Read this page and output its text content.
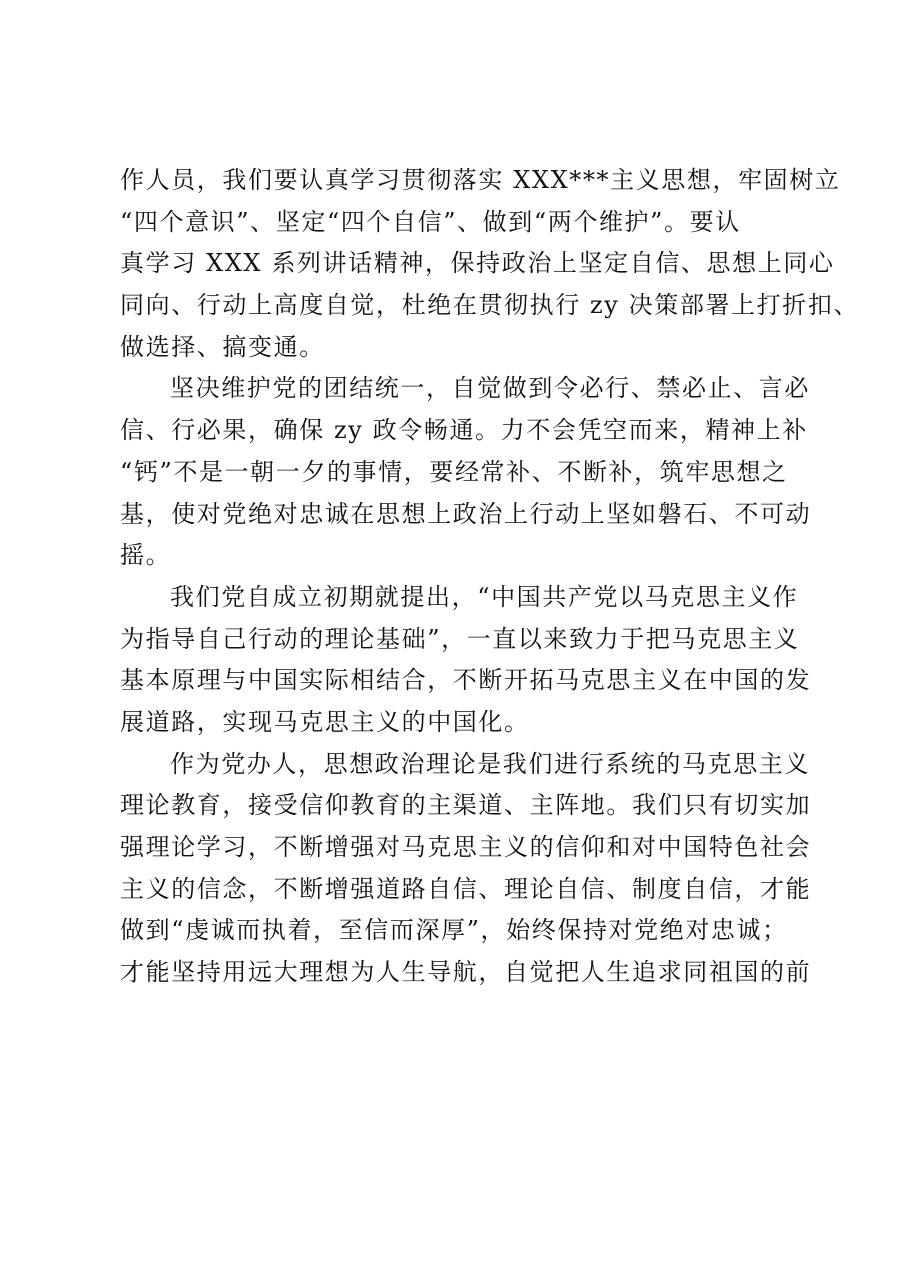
作人员，我们要认真学习贯彻落实 XXX***主义思想，牢固树立
“四个意识”、坚定“四个自信”、做到“两个维护”。要认
真学习 XXX 系列讲话精神，保持政治上坚定自信、思想上同心
同向、行动上高度自觉，杜绝在贯彻执行 zy 决策部署上打折扣、
做选择、搞变通。
坚决维护党的团结统一，自觉做到令必行、禁必止、言必
信、行必果，确保 zy 政令畅通。力不会凭空而来，精神上补
“钙”不是一朝一夕的事情，要经常补、不断补，筑牢思想之
基，使对党绝对忠诚在思想上政治上行动上坚如磐石、不可动
摇。
我们党自成立初期就提出，“中国共产党以马克思主义作
为指导自己行动的理论基础”，一直以来致力于把马克思主义
基本原理与中国实际相结合，不断开拓马克思主义在中国的发
展道路，实现马克思主义的中国化。
作为党办人，思想政治理论是我们进行系统的马克思主义
理论教育，接受信仰教育的主渠道、主阵地。我们只有切实加
强理论学习，不断增强对马克思主义的信仰和对中国特色社会
主义的信念，不断增强道路自信、理论自信、制度自信，才能
做到“虔诚而执着，至信而深厚”，始终保持对党绝对忠诚；
才能坚持用远大理想为人生导航，自觉把人生追求同祖国的前
